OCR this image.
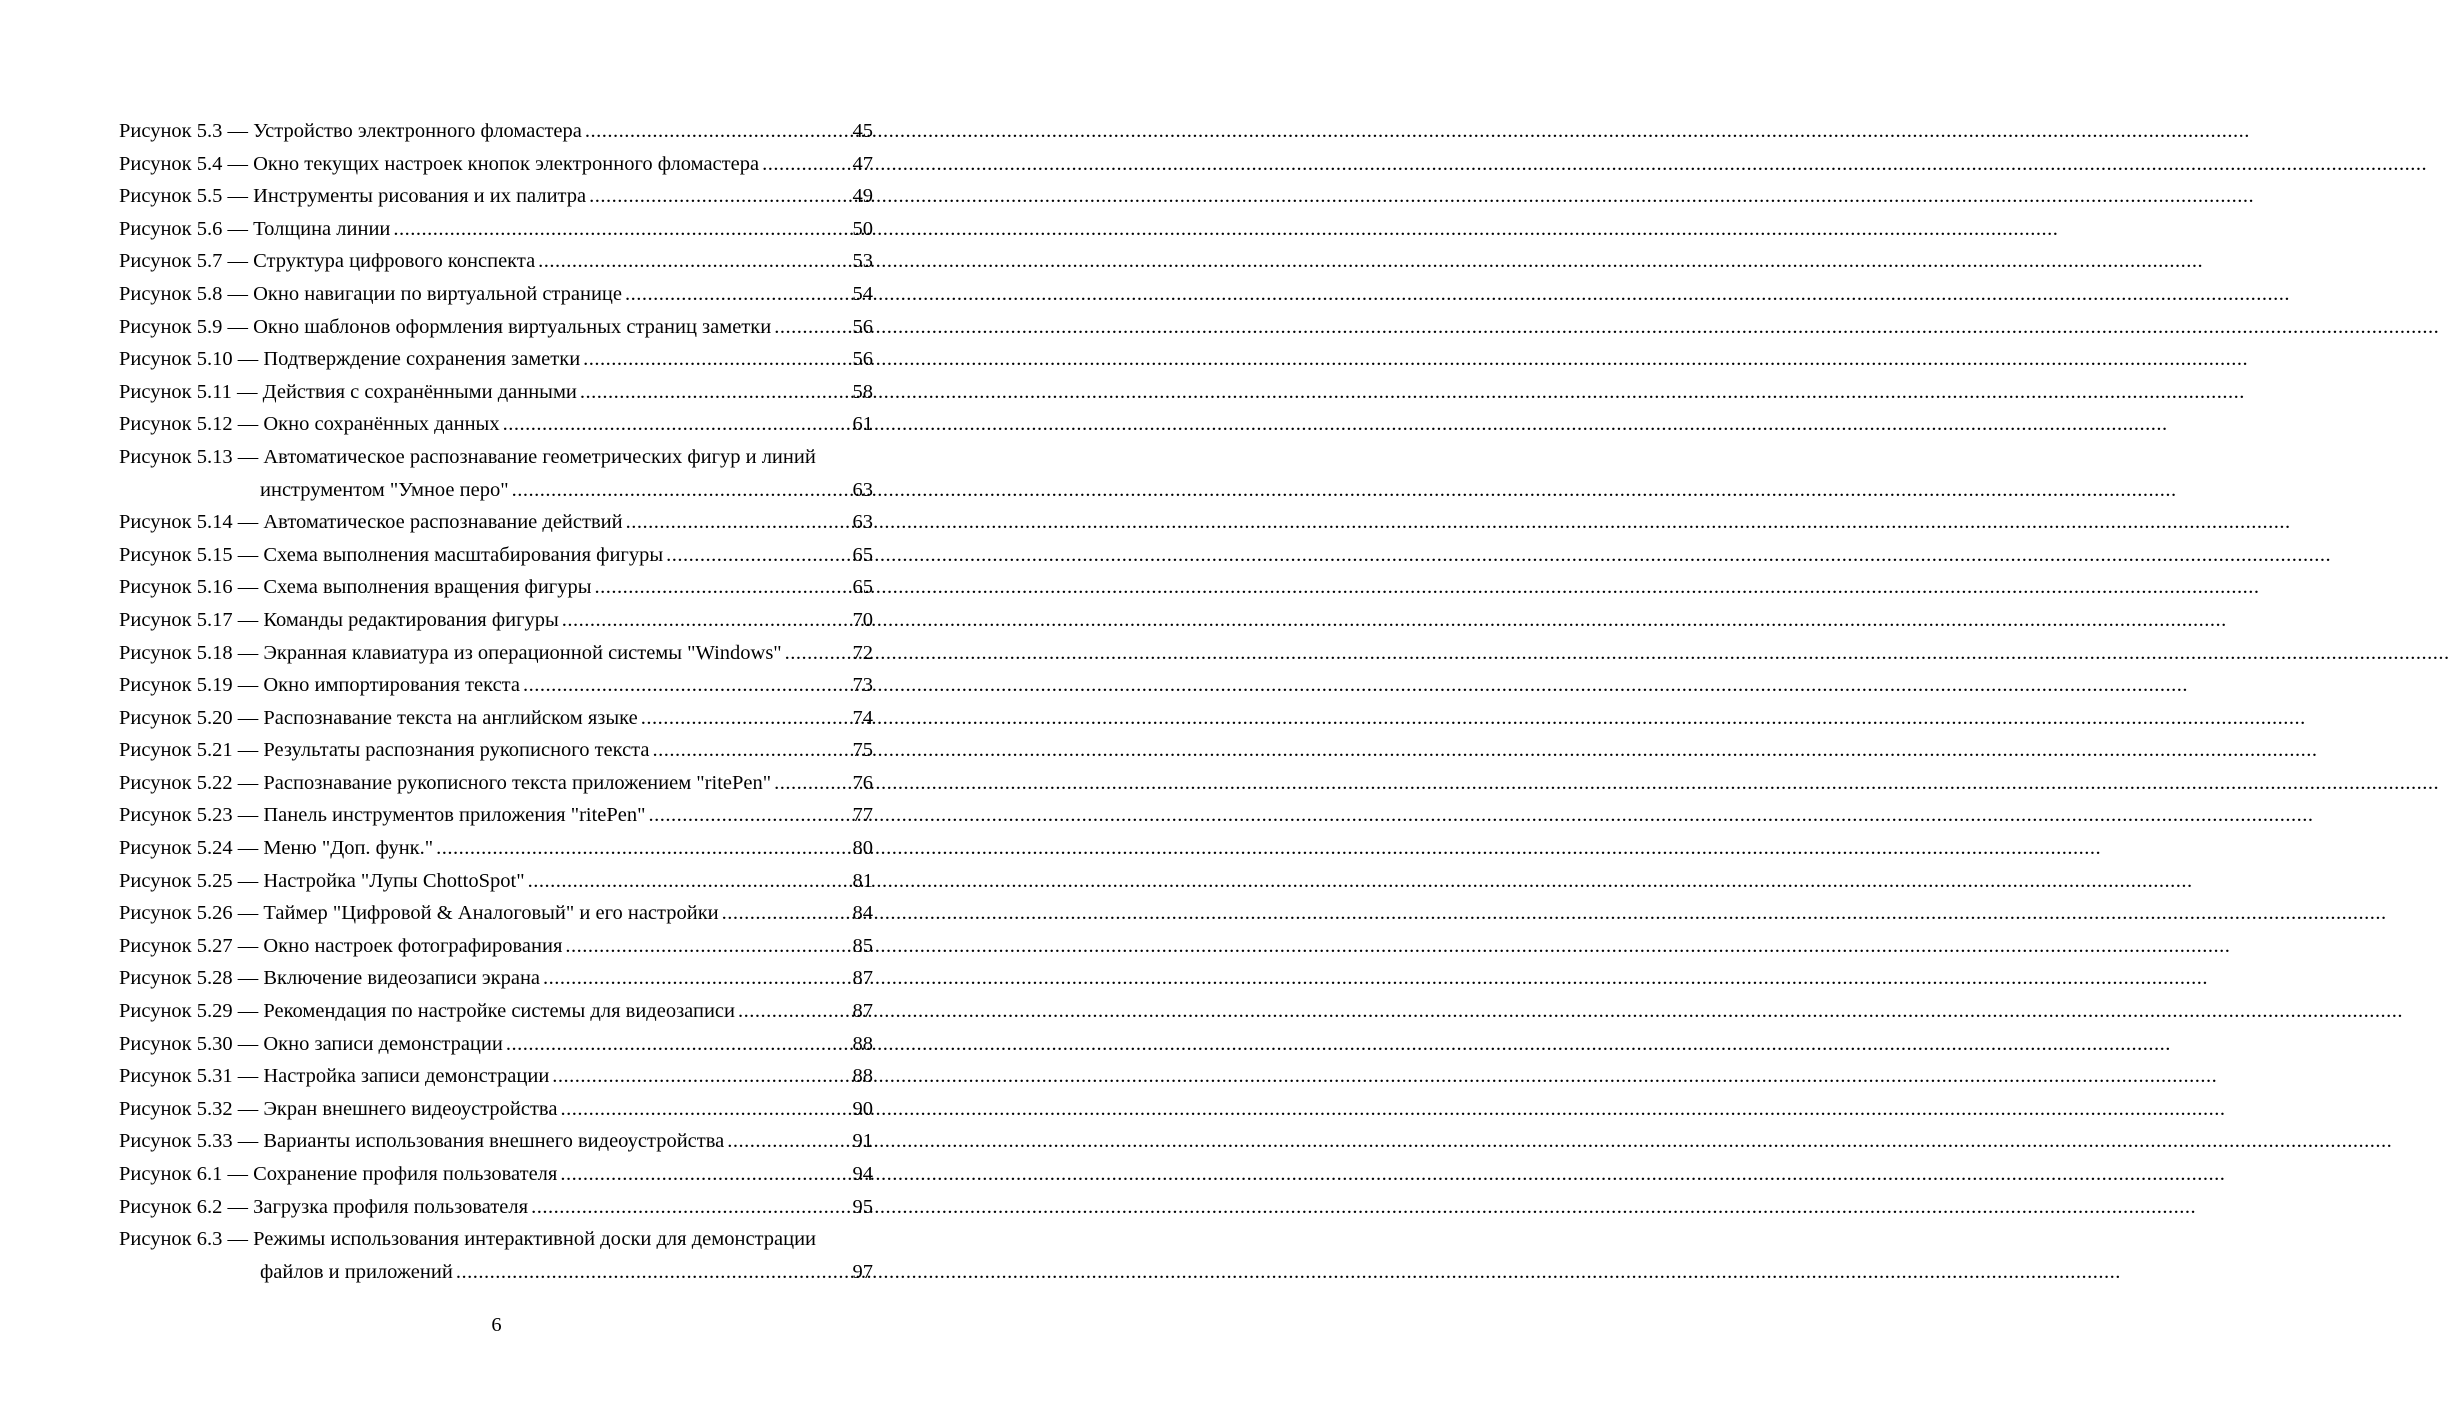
Рисунок 5.3 — Устройство электронного фломастера .....	45
Рисунок 5.4 — Окно текущих настроек кнопок электронного фломастера .....	47
Рисунок 5.5 — Инструменты рисования и их палитра .....	49
Рисунок 5.6 — Толщина линии .....	50
Рисунок 5.7 — Структура цифрового конспекта .....	53
Рисунок 5.8 — Окно навигации по виртуальной странице .....	54
Рисунок 5.9 — Окно шаблонов оформления виртуальных страниц заметки .....	56
Рисунок 5.10 — Подтверждение сохранения заметки .....	56
Рисунок 5.11 — Действия с сохранёнными данными .....	58
Рисунок 5.12 — Окно сохранённых данных .....	61
Рисунок 5.13 — Автоматическое распознавание геометрических фигур и линий
инструментом "Умное перо" .....	63
Рисунок 5.14 — Автоматическое распознавание действий .....	63
Рисунок 5.15 — Схема выполнения масштабирования фигуры .....	65
Рисунок 5.16 — Схема выполнения вращения фигуры .....	65
Рисунок 5.17 — Команды редактирования фигуры .....	70
Рисунок 5.18 — Экранная клавиатура из операционной системы "Windows" .....	72
Рисунок 5.19 — Окно импортирования текста .....	73
Рисунок 5.20 — Распознавание текста на английском языке .....	74
Рисунок 5.21 — Результаты распознания рукописного текста .....	75
Рисунок 5.22 — Распознавание рукописного текста приложением "ritePen" .....	76
Рисунок 5.23 — Панель инструментов приложения "ritePen" .....	77
Рисунок 5.24 — Меню "Доп. функ." .....	80
Рисунок 5.25 — Настройка "Лупы ChottoSpot" .....	81
Рисунок 5.26 — Таймер "Цифровой & Аналоговый" и его настройки .....	84
Рисунок 5.27 — Окно настроек фотографирования .....	85
Рисунок 5.28 — Включение видеозаписи экрана .....	87
Рисунок 5.29 — Рекомендация по настройке системы для видеозаписи .....	87
Рисунок 5.30 — Окно записи демонстрации .....	88
Рисунок 5.31 — Настройка записи демонстрации .....	88
Рисунок 5.32 — Экран внешнего видеоустройства .....	90
Рисунок 5.33 — Варианты использования внешнего видеоустройства .....	91
Рисунок 6.1 — Сохранение профиля пользователя .....	94
Рисунок 6.2 — Загрузка профиля пользователя .....	95
Рисунок 6.3 — Режимы использования интерактивной доски для демонстрации
файлов и приложений .....	97
6
